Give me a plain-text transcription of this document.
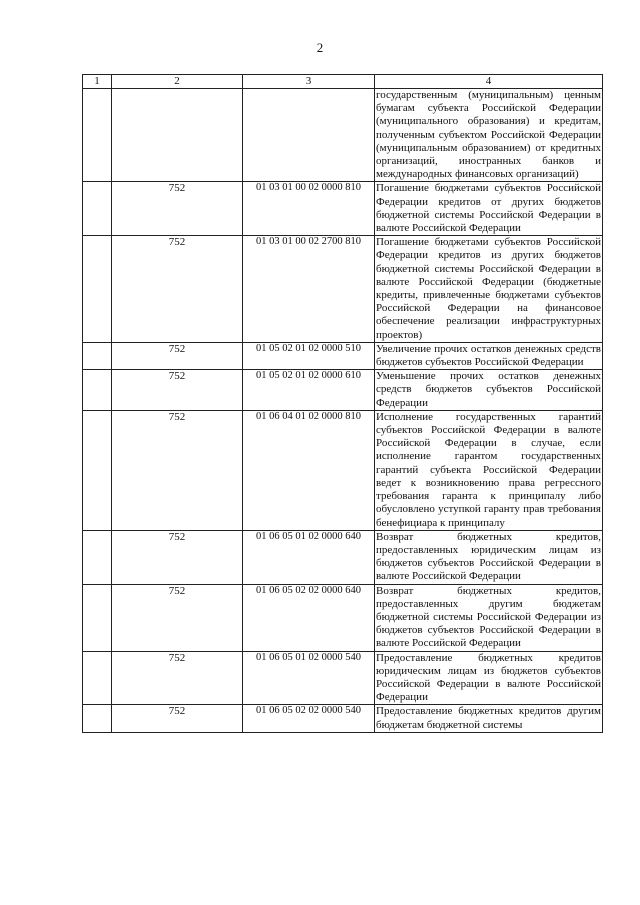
2
1	2	3	4
			государственным (муниципальным) ценным бумагам субъекта Российской Федерации (муниципального образования) и кредитам, полученным субъектом Российской Федерации (муниципальным образованием) от кредитных организаций, иностранных банков и международных финансовых организаций)
	752	01 03 01 00 02 0000 810	Погашение бюджетами субъектов Российской Федерации кредитов от других бюджетов бюджетной системы Российской Федерации в валюте Российской Федерации
	752	01 03 01 00 02 2700 810	Погашение бюджетами субъектов Российской Федерации кредитов из других бюджетов бюджетной системы Российской Федерации в валюте Российской Федерации (бюджетные кредиты, привлеченные бюджетами субъектов Российской Федерации на финансовое обеспечение реализации инфраструктурных проектов)
	752	01 05 02 01 02 0000 510	Увеличение прочих остатков денежных средств бюджетов субъектов Российской Федерации
	752	01 05 02 01 02 0000 610	Уменьшение прочих остатков денежных средств бюджетов субъектов Российской Федерации
	752	01 06 04 01 02 0000 810	Исполнение государственных гарантий субъектов Российской Федерации в валюте Российской Федерации в случае, если исполнение гарантом государственных гарантий субъекта Российской Федерации ведет к возникновению права регрессного требования гаранта к принципалу либо обусловлено уступкой гаранту прав требования бенефициара к принципалу
	752	01 06 05 01 02 0000 640	Возврат бюджетных кредитов, предоставленных юридическим лицам из бюджетов субъектов Российской Федерации в валюте Российской Федерации
	752	01 06 05 02 02 0000 640	Возврат бюджетных кредитов, предоставленных другим бюджетам бюджетной системы Российской Федерации из бюджетов субъектов Российской Федерации в валюте Российской Федерации
	752	01 06 05 01 02 0000 540	Предоставление бюджетных кредитов юридическим лицам из бюджетов субъектов Российской Федерации в валюте Российской Федерации
	752	01 06 05 02 02 0000 540	Предоставление бюджетных кредитов другим бюджетам бюджетной системы
